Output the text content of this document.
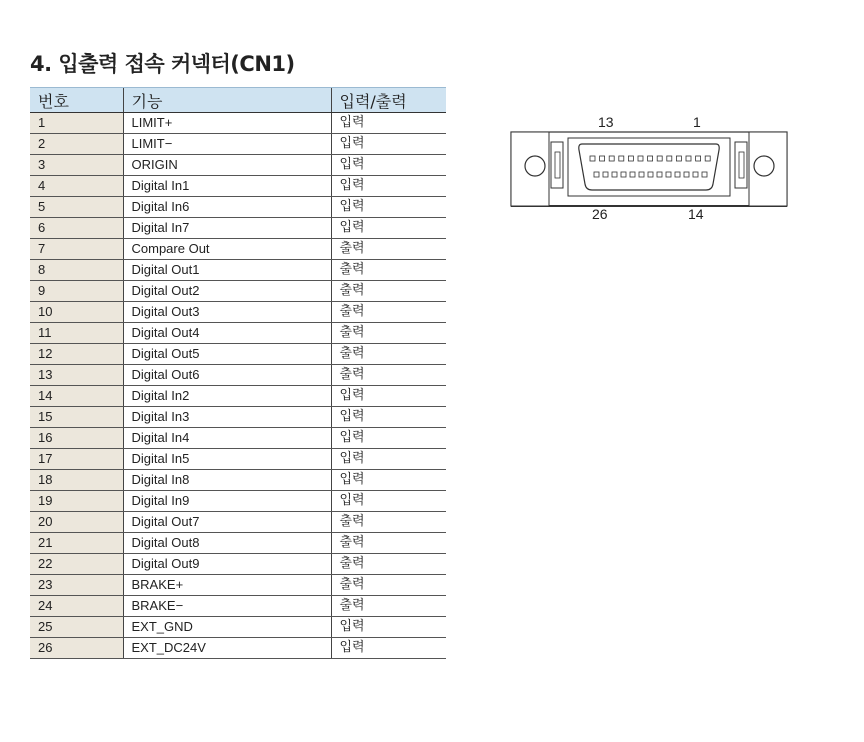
4. 입출력 접속 커넥터(CN1)
번호	기능	입력/출력
1	LIMIT+	입력
2	LIMIT−	입력
3	ORIGIN	입력
4	Digital In1	입력
5	Digital In6	입력
6	Digital In7	입력
7	Compare Out	출력
8	Digital Out1	출력
9	Digital Out2	출력
10	Digital Out3	출력
11	Digital Out4	출력
12	Digital Out5	출력
13	Digital Out6	출력
14	Digital In2	입력
15	Digital In3	입력
16	Digital In4	입력
17	Digital In5	입력
18	Digital In8	입력
19	Digital In9	입력
20	Digital Out7	출력
21	Digital Out8	출력
22	Digital Out9	출력
23	BRAKE+	출력
24	BRAKE−	출력
25	EXT_GND	입력
26	EXT_DC24V	입력
13	1
26	14
